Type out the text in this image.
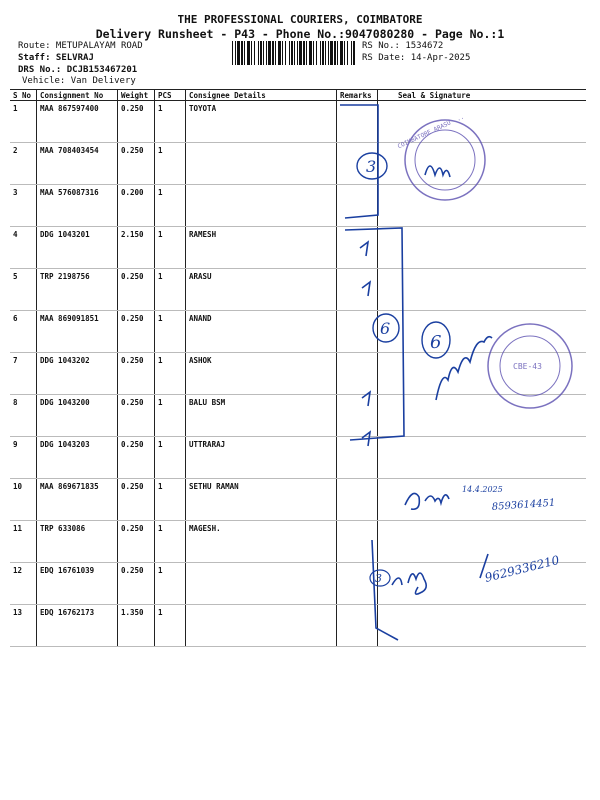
THE PROFESSIONAL COURIERS, COIMBATORE
Delivery Runsheet - P43 - Phone No.:9047080280 - Page No.:1
Route: METUPALAYAM ROAD
Staff: SELVRAJ
DRS No.: DCJB153467201
Vehicle: Van Delivery
RS No.: 1534672
RS Date: 14-Apr-2025
S No	Consignment No	Weight	PCS	Consignee Details	Remarks	Seal & Signature
1	MAA 867597400	0.250	1	TOYOTA		
2	MAA 708403454	0.250	1			
3	MAA 576087316	0.200	1			
4	DDG 1043201	2.150	1	RAMESH		
5	TRP 2198756	0.250	1	ARASU		
6	MAA 869091851	0.250	1	ANAND		
7	DDG 1043202	0.250	1	ASHOK		
8	DDG 1043200	0.250	1	BALU BSM		
9	DDG 1043203	0.250	1	UTTRARAJ		
10	MAA 869671835	0.250	1	SETHU RAMAN		
11	TRP 633086	0.250	1	MAGESH.		
12	EDQ 16761039	0.250	1			
13	EDQ 16762173	1.350	1			
COIMBATORE ARASU ...
CBE-43
3
6
6
3
14.4.2025
8593614451
9629336210
